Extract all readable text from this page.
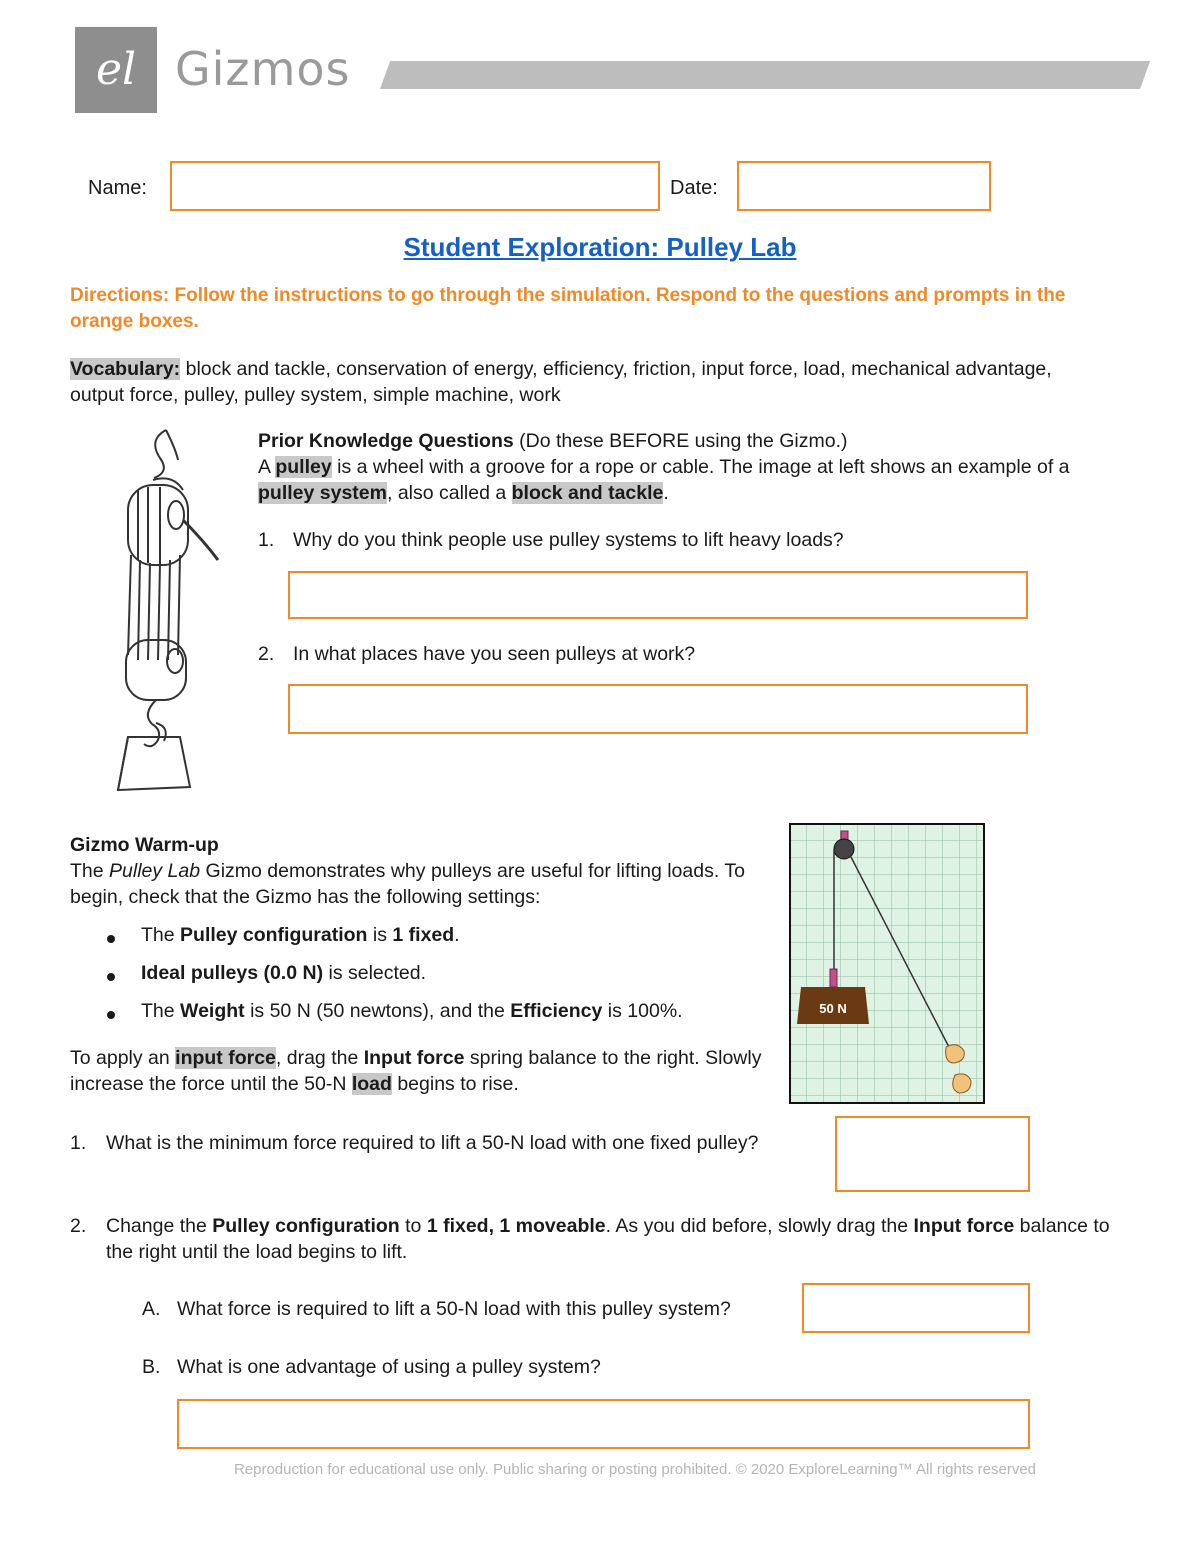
el Gizmos
Name:	Date:
Student Exploration: Pulley Lab
Directions: Follow the instructions to go through the simulation. Respond to the questions and prompts in the orange boxes.
Vocabulary: block and tackle, conservation of energy, efficiency, friction, input force, load, mechanical advantage, output force, pulley, pulley system, simple machine, work
Prior Knowledge Questions (Do these BEFORE using the Gizmo.)
A pulley is a wheel with a groove for a rope or cable. The image at left shows an example of a pulley system, also called a block and tackle.
1. Why do you think people use pulley systems to lift heavy loads?
2. In what places have you seen pulleys at work?
Gizmo Warm-up
The Pulley Lab Gizmo demonstrates why pulleys are useful for lifting loads. To begin, check that the Gizmo has the following settings:
The Pulley configuration is 1 fixed.
Ideal pulleys (0.0 N) is selected.
The Weight is 50 N (50 newtons), and the Efficiency is 100%.
To apply an input force, drag the Input force spring balance to the right. Slowly increase the force until the 50-N load begins to rise.
50 N
1. What is the minimum force required to lift a 50-N load with one fixed pulley?
2. Change the Pulley configuration to 1 fixed, 1 moveable. As you did before, slowly drag the Input force balance to the right until the load begins to lift.
A. What force is required to lift a 50-N load with this pulley system?
B. What is one advantage of using a pulley system?
Reproduction for educational use only. Public sharing or posting prohibited. © 2020 ExploreLearning™ All rights reserved
